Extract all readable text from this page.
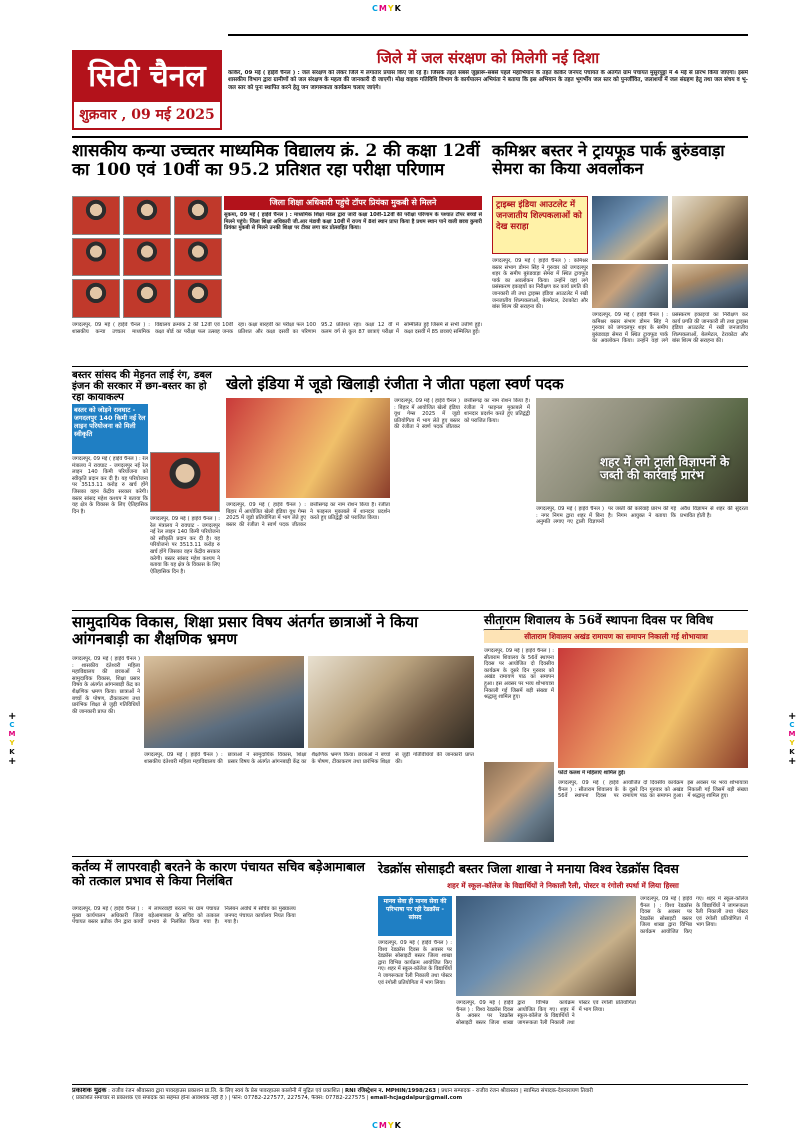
CMYK
CMYK
+
C
M
Y
K
+
+
C
M
Y
K
+
सिटी चैनल
शुक्रवार , 09 मई 2025
जिले में जल संरक्षण को मिलेगी नई दिशा
कांकेर, 09 मई ( हाईवे चैनल ) : जल संरक्षण को लेकर जिले में लगातार प्रयास किए जा रहे हैं। जिसके तहत सबसे जुझारू-सबसे पहले महाभियान के तहत कांकेर जनपद पंचायत के अंतर्गत ग्राम पंचायत मुसुरपुट्टा में 4 मई से प्रारंभ किया जाएगा। इसमें शासकीय विभाग द्वारा ग्रामीणों को जल संरक्षण के महत्व की जानकारी दी जाएगी। मोक्ष वाहक गतिविधि विभाग के कार्यपालन अभियंता ने बताया कि इस अभियान के तहत भूगर्भीय जल स्तर को पुनर्जीवित, जलाशयों में जल संग्रहण हेतु तथा जल संचय व भू-जल स्तर को पुनः स्थापित करने हेतु जन जागरूकता कार्यक्रम चलाए जाएंगे।
शासकीय कन्या उच्चतर माध्यमिक विद्यालय क्रं. 2 की कक्षा 12वीं का 100 एवं 10वीं का 95.2 प्रतिशत रहा परीक्षा परिणाम
जिला शिक्षा अधिकारी पहुंचे टॉपर प्रियंका मुकबी से मिलने
सुकमा, 09 मई ( हाईवे चैनल ) : माध्यमिक शिक्षा मंडल द्वारा जारी कक्षा 10वीं-12वीं की परीक्षा परिणाम के पश्चात टॉपर बच्चों से मिलने पहुंचे। जिला शिक्षा अधिकारी जी.आर मंडावी कक्षा 10वीं में राज्य में 8वां स्थान प्राप्त किया है प्रथम स्थान पाने वाली छात्रा कुमारी प्रियंका मुकबी से मिलने उनकी शिक्षा पर टीका लगा कर प्रोत्साहित किया।
जगदलपुर, 09 मई ( हाईवे चैनल ) : शासकीय कन्या उच्चतर माध्यमिक विद्यालय क्रमांक 2 की 12वीं एवं 10वीं कक्षा बोर्ड का परीक्षा फल उत्साह जनक रहा। कक्षा बारहवीं का परीक्षा फल 100 प्रतिशत और कक्षा दसवीं का परिणाम 95.2 प्रतिशत रहा। कक्षा 12 वीं में कलम वर्ग से कुल 87 छात्राएं परीक्षा में सम्मिलित हुईं जिसमें से सभी उत्तीर्ण हुईं। कक्षा दसवीं में 85 छात्राएं सम्मिलित हुईं।
कमिश्नर बस्तर ने ट्रायफूड पार्क बुरुंडवाड़ा सेमरा का किया अवलोकन
ट्राइब्स इंडिया आउटलेट में जनजातीय शिल्पकलाओं को देख सराहा
जगदलपुर, 09 मई ( हाईवे चैनल ) : कमिश्नर बस्तर संभाग डोमन सिंह ने गुरुवार को जगदलपुर शहर के समीप बुरुंडवाड़ा सेमरा में स्थित ट्रायफूड पार्क का अवलोकन किया। उन्होंने वहां लगे प्रसंस्करण इकाइयों का निरीक्षण कर कार्य प्रगति की जानकारी ली तथा ट्राइब्स इंडिया आउटलेट में रखी जनजातीय शिल्पकलाओं, बेलमेटल, टेराकोटा और बांस शिल्प की सराहना की।
जगदलपुर, 09 मई ( हाईवे चैनल ) : कमिश्नर बस्तर संभाग डोमन सिंह ने गुरुवार को जगदलपुर शहर के समीप बुरुंडवाड़ा सेमरा में स्थित ट्रायफूड पार्क का अवलोकन किया। उन्होंने वहां लगे प्रसंस्करण इकाइयों का निरीक्षण कर कार्य प्रगति की जानकारी ली तथा ट्राइब्स इंडिया आउटलेट में रखी जनजातीय शिल्पकलाओं, बेलमेटल, टेराकोटा और बांस शिल्प की सराहना की।
बस्तर सांसद की मेहनत लाई रंग, डबल इंजन की सरकार में छग-बस्तर का हो रहा कायाकल्प
बस्तर को जोड़ने रावघाट - जगदलपुर 140 किमी नई रेल लाइन परियोजना को मिली स्वीकृति
जगदलपुर, 09 मई ( हाईवे चैनल ) : रेल मंत्रालय ने रावघाट - जगदलपुर नई रेल लाइन 140 किमी परियोजना को स्वीकृति प्रदान कर दी है। यह परियोजना पर 3513.11 करोड़ रु खर्च होंगे जिसका वहन केंद्रीय सरकार करेगी। बस्तर सांसद महेश कश्यप ने बताया कि यह क्षेत्र के विकास के लिए ऐतिहासिक दिन है।
जगदलपुर, 09 मई ( हाईवे चैनल ) : रेल मंत्रालय ने रावघाट - जगदलपुर नई रेल लाइन 140 किमी परियोजना को स्वीकृति प्रदान कर दी है। यह परियोजना पर 3513.11 करोड़ रु खर्च होंगे जिसका वहन केंद्रीय सरकार करेगी। बस्तर सांसद महेश कश्यप ने बताया कि यह क्षेत्र के विकास के लिए ऐतिहासिक दिन है।
खेलो इंडिया में जूडो खिलाड़ी रंजीता ने जीता पहला स्वर्ण पदक
जगदलपुर, 09 मई ( हाईवे चैनल ) : बिहार में आयोजित खेलो इंडिया यूथ गेम्स 2025 में जूडो प्रतियोगिता में भाग लेते हुए बस्तर की रंजीता ने स्वर्ण पदक जीतकर छत्तीसगढ़ का नाम रोशन किया है। रंजीता ने फाइनल मुकाबले में शानदार प्रदर्शन करते हुए प्रतिद्वंद्वी को पराजित किया।
जगदलपुर, 09 मई ( हाईवे चैनल ) : बिहार में आयोजित खेलो इंडिया यूथ गेम्स 2025 में जूडो प्रतियोगिता में भाग लेते हुए बस्तर की रंजीता ने स्वर्ण पदक जीतकर छत्तीसगढ़ का नाम रोशन किया है। रंजीता ने फाइनल मुकाबले में शानदार प्रदर्शन करते हुए प्रतिद्वंद्वी को पराजित किया।
शहर में लगे ट्राली विज्ञापनों के जब्ती की कार्रवाई प्रारंभ
जगदलपुर, 09 मई ( हाईवे चैनल ) : नगर निगम द्वारा शहर में बिना अनुमति लगाए गए ट्राली विज्ञापनों पर जब्ती की कार्रवाई प्रारंभ की गई है। निगम आयुक्त ने बताया कि अवैध विज्ञापन से शहर की सुंदरता प्रभावित होती है।
सामुदायिक विकास, शिक्षा प्रसार विषय अंतर्गत छात्राओं ने किया आंगनबाड़ी का शैक्षणिक भ्रमण
जगदलपुर, 09 मई ( हाईवे चैनल ) : शासकीय दंतेश्वरी महिला महाविद्यालय की छात्राओं ने सामुदायिक विकास, शिक्षा प्रसार विषय के अंतर्गत आंगनबाड़ी केंद्र का शैक्षणिक भ्रमण किया। छात्राओं ने बच्चों के पोषण, टीकाकरण तथा प्रारंभिक शिक्षा से जुड़ी गतिविधियों की जानकारी प्राप्त की।
जगदलपुर, 09 मई ( हाईवे चैनल ) : शासकीय दंतेश्वरी महिला महाविद्यालय की छात्राओं ने सामुदायिक विकास, शिक्षा प्रसार विषय के अंतर्गत आंगनबाड़ी केंद्र का शैक्षणिक भ्रमण किया। छात्राओं ने बच्चों के पोषण, टीकाकरण तथा प्रारंभिक शिक्षा से जुड़ी गतिविधियों की जानकारी प्राप्त की।
सीताराम शिवालय के 56वें स्थापना दिवस पर विविध
सीताराम शिवालय अखंड रामायण का समापन निकाली गई शोभायात्रा
जगदलपुर, 09 मई ( हाईवे चैनल ) : सीताराम शिवालय के 56वें स्थापना दिवस पर आयोजित दो दिवसीय कार्यक्रम के दूसरे दिन गुरुवार को अखंड रामायण पाठ का समापन हुआ। इस अवसर पर भव्य शोभायात्रा निकाली गई जिसमें बड़ी संख्या में श्रद्धालु शामिल हुए।
फोटो कलश में महिलाएं शामिल हुईं।
जगदलपुर, 09 मई ( हाईवे चैनल ) : सीताराम शिवालय के 56वें स्थापना दिवस पर आयोजित दो दिवसीय कार्यक्रम के दूसरे दिन गुरुवार को अखंड रामायण पाठ का समापन हुआ। इस अवसर पर भव्य शोभायात्रा निकाली गई जिसमें बड़ी संख्या में श्रद्धालु शामिल हुए।
कर्तव्य में लापरवाही बरतने के कारण पंचायत सचिव बड़ेआमाबाल को तत्काल प्रभाव से किया निलंबित
जगदलपुर, 09 मई ( हाईवे चैनल ) : मुख्य कार्यपालन अधिकारी जिला पंचायत बस्तर प्रतीक जैन द्वारा कार्यों में लापरवाही बरतने पर ग्राम पंचायत बड़ेआमाबाल के सचिव को तत्काल प्रभाव से निलंबित किया गया है। निलंबन अवधि में सचिव का मुख्यालय जनपद पंचायत कार्यालय नियत किया गया है।
रेडक्रॉस सोसाइटी बस्तर जिला शाखा ने मनाया विश्व रेडक्रॉस दिवस
शहर में स्कूल-कॉलेज के विद्यार्थियों ने निकाली रैली, पोस्टर व रंगोली स्पर्धा में लिया हिस्सा
मानव सेवा ही मानव सेवा की परिभाषा पर रही रेडक्रॉस - सांसद
जगदलपुर, 09 मई ( हाईवे चैनल ) : विश्व रेडक्रॉस दिवस के अवसर पर रेडक्रॉस सोसाइटी बस्तर जिला शाखा द्वारा विभिन्न कार्यक्रम आयोजित किए गए। शहर में स्कूल-कॉलेज के विद्यार्थियों ने जागरूकता रैली निकाली तथा पोस्टर एवं रंगोली प्रतियोगिता में भाग लिया।
जगदलपुर, 09 मई ( हाईवे चैनल ) : विश्व रेडक्रॉस दिवस के अवसर पर रेडक्रॉस सोसाइटी बस्तर जिला शाखा द्वारा विभिन्न कार्यक्रम आयोजित किए गए। शहर में स्कूल-कॉलेज के विद्यार्थियों ने जागरूकता रैली निकाली तथा पोस्टर एवं रंगोली प्रतियोगिता में भाग लिया।
जगदलपुर, 09 मई ( हाईवे चैनल ) : विश्व रेडक्रॉस दिवस के अवसर पर रेडक्रॉस सोसाइटी बस्तर जिला शाखा द्वारा विभिन्न कार्यक्रम आयोजित किए गए। शहर में स्कूल-कॉलेज के विद्यार्थियों ने जागरूकता रैली निकाली तथा पोस्टर एवं रंगोली प्रतियोगिता में भाग लिया।
प्रकाशक मुद्रक : राजीव रंजन श्रीवास्तव द्वारा पावरहाउस प्रकाशन प्रा.लि. के लिए स्वयं के प्रेस पावरहाउस कालोनी में मुद्रित एवं प्रकाशित | RNI रजिस्ट्रेशन न. MPHIN/1998/263 | प्रधान सम्पादक - राजीव रंजन श्रीवास्तव | स्वामित्व संपादक-देवनारायण तिवारी
( प्रकाशित समाचार से प्रकाशक एवं संपादक का सहमत होना आवश्यक नहीं है ) | फोन: 07782-227577, 227574, फैक्स: 07782-227575 | email-hcjagdalpur@gmail.com
